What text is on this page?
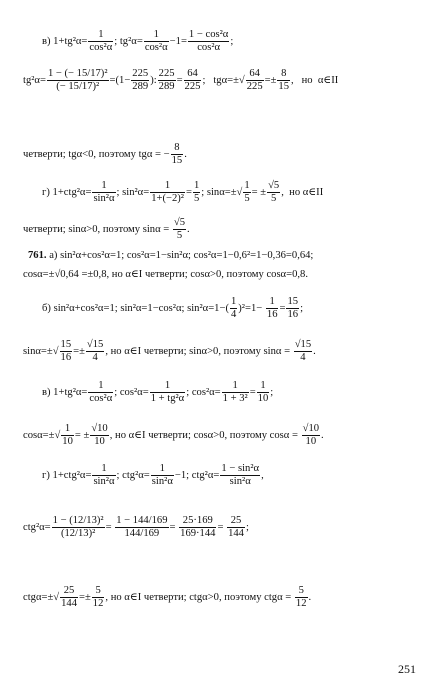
в) $1+tg^2\alpha= \frac{1}{\text{cos²α}}$ ; $tg^2\alpha= \frac{1}{\text{cos²α}} -1= \frac{\text{1 − cos²α}}{\text{cos²α}}$ ;
$tg^2\alpha= \frac{\text{1 − (− 15/17)²}}{\text{(− 15/17)²}} =(1- \frac{225}{289}$ ): $\frac{225}{289} = \frac{64}{225}$ ;   $tg\alpha=\pm√ \frac{64}{225} =\pm \frac{8}{15}$ ,   но  α∈II
четверти; tgα<0, поэтому tgα = − $\frac{8}{15}$ .
г) $1+ctg^2\alpha= \frac{1}{\text{sin²α}}$ ; $\sin^2\alpha= \frac{1}{\text{1+(−2)²}} = \frac{1}{5}$ ; $\sin\alpha=\pm√ \frac{1}{5}$ = ± $\frac{√5}{5}$ ,  но α∈II
четверти; sinα>0, поэтому $\sin\alpha = \frac{√5}{5}$ .
761. а) sin²α+cos²α=1; cos²α=1−sin²α; cos²α=1−0,6²=1−0,36=0,64;
cosα=±√0,64 =±0,8, но α∈I четверти; cosα>0, поэтому cosα=0,8.
б) sin²α+cos²α=1; sin²α=1−cos²α; $\sin^2\alpha=1-( \frac{1}{4} )^2=1- \frac{1}{16} = \frac{15}{16}$ ;
$\sin\alpha=\pm√ \frac{15}{16} =\pm \frac{√15}{4}$ , но α∈I четверти; sinα>0, поэтому $\sin\alpha = \frac{√15}{4}$ .
в) $1+tg^2\alpha= \frac{1}{\text{cos²α}}$ ; $\cos^2\alpha= \frac{1}{\text{1 + tg²α}}$ ; $\cos^2\alpha= \frac{1}{\text{1 + 3²}} = \frac{1}{10}$ ;
$\cos\alpha=\pm√ \frac{1}{10}$ = ± $\frac{√10}{10}$ , но α∈I четверти; cosα>0, поэтому $\cos\alpha = \frac{√10}{10}$ .
г) $1+ctg^2\alpha= \frac{1}{\text{sin²α}}$ ; $ctg^2\alpha= \frac{1}{\text{sin²α}} -1$; $ctg^2\alpha= \frac{\text{1 − sin²α}}{\text{sin²α}}$ ,
$ctg^2\alpha= \frac{\text{1 − (12/13)²}}{\text{(12/13)²}} = \frac{1 - 144/169}{144/169} = \frac{25\cdot 169}{169\cdot 144} = \frac{25}{144}$ ;
$ctg\alpha=\pm√ \frac{25}{144} =\pm \frac{5}{12}$ , но α∈I четверти; ctgα>0, поэтому $ctg\alpha = \frac{5}{12}$ .
251
